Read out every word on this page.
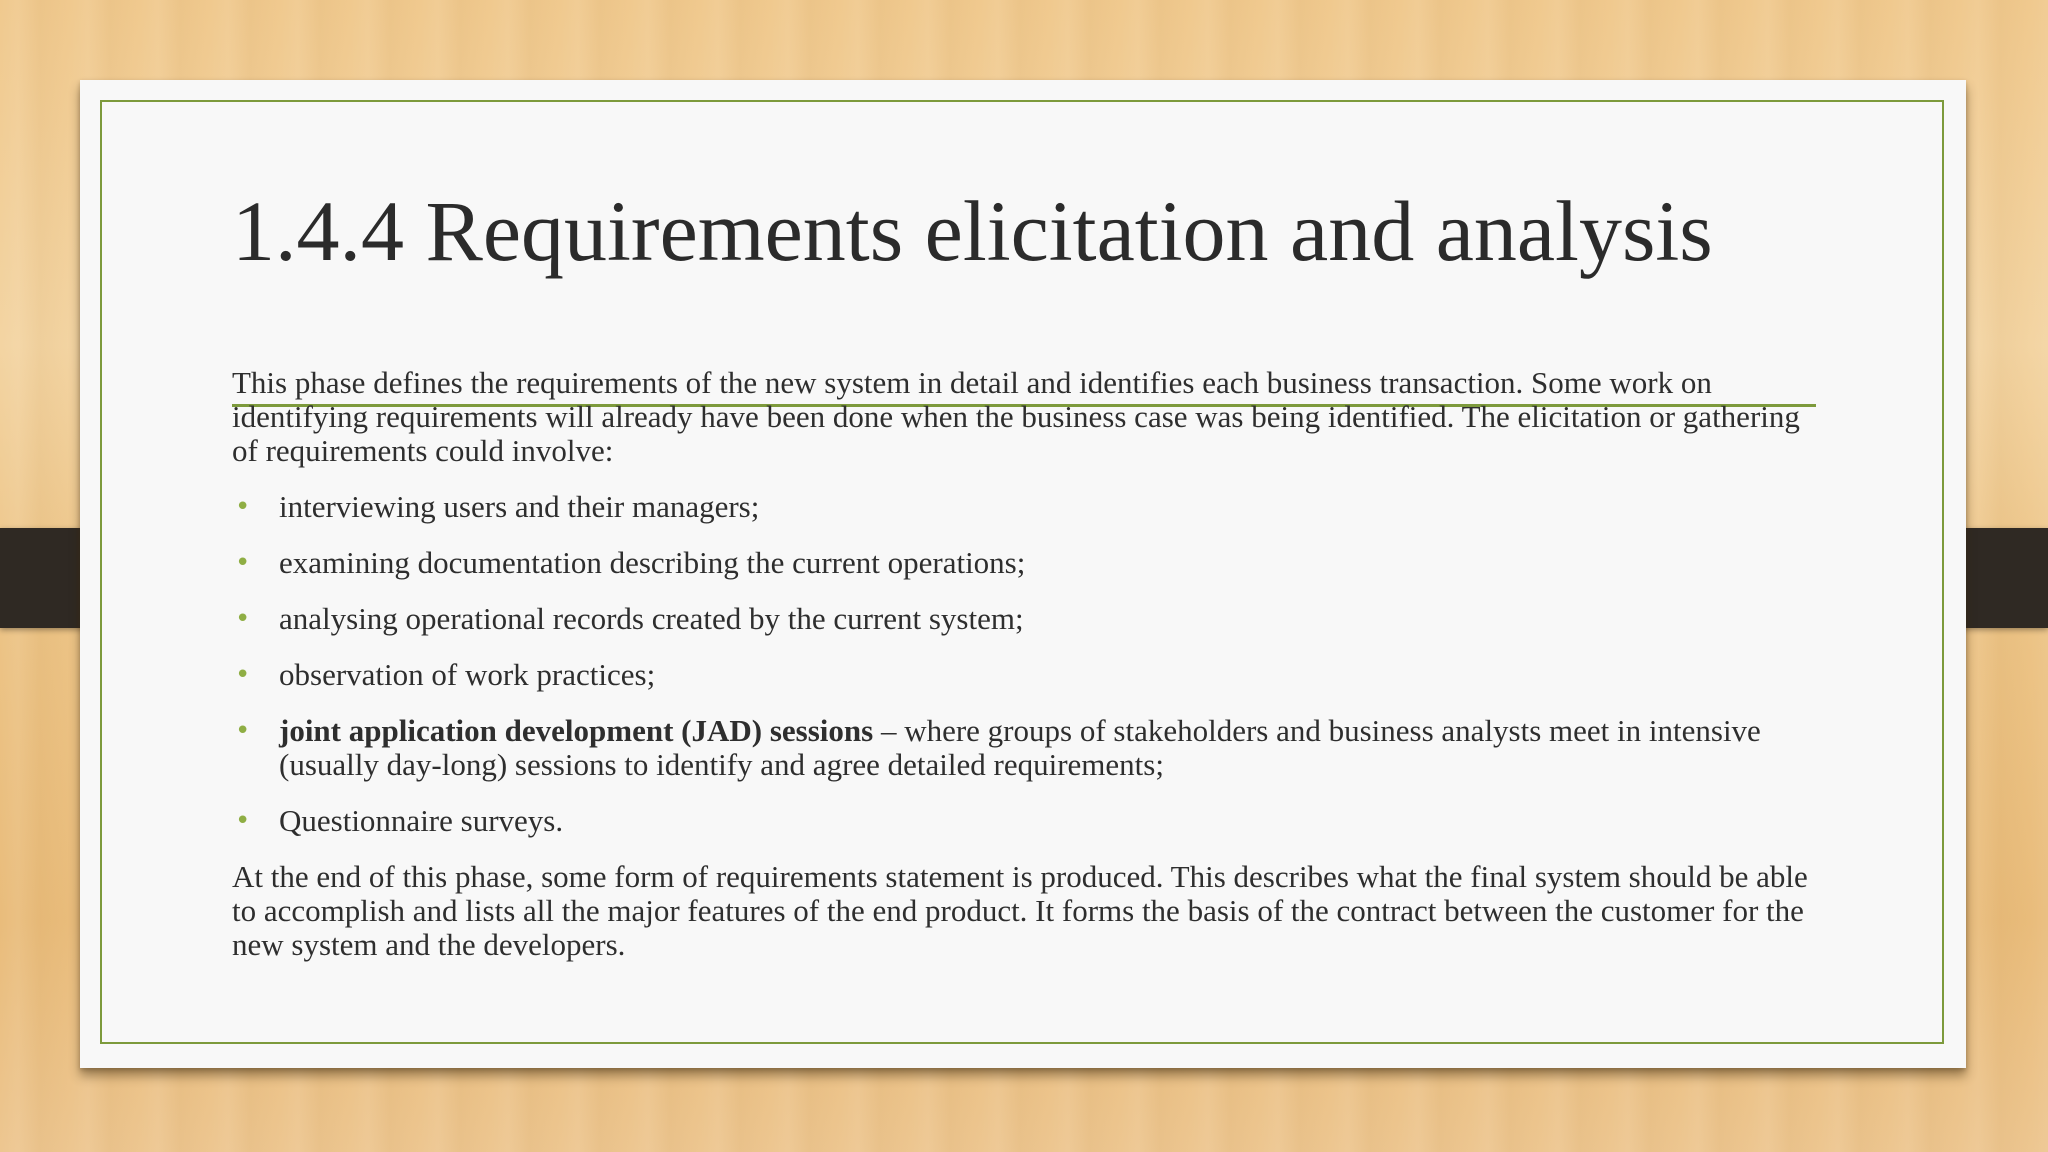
1.4.4 Requirements elicitation and analysis

This phase defines the requirements of the new system in detail and identifies each business transaction. Some work on identifying requirements will already have been done when the business case was being identified. The elicitation or gathering of requirements could involve:

• interviewing users and their managers;
• examining documentation describing the current operations;
• analysing operational records created by the current system;
• observation of work practices;
• joint application development (JAD) sessions – where groups of stakeholders and business analysts meet in intensive (usually day-long) sessions to identify and agree detailed requirements;
• Questionnaire surveys.

At the end of this phase, some form of requirements statement is produced. This describes what the final system should be able to accomplish and lists all the major features of the end product. It forms the basis of the contract between the customer for the new system and the developers.
